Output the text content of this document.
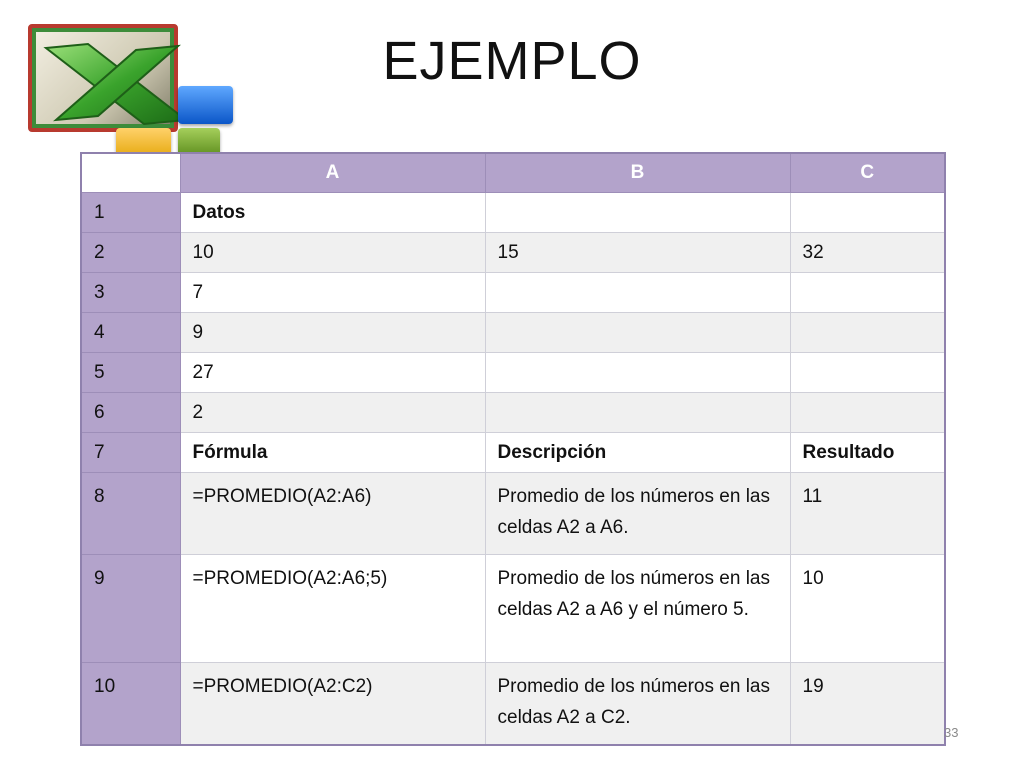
EJEMPLO
	A	B	C
1	Datos		
2	10	15	32
3	7		
4	9		
5	27		
6	2		
7	Fórmula	Descripción	Resultado
8	=PROMEDIO(A2:A6)	Promedio de los números en las celdas A2 a A6.	11
9	=PROMEDIO(A2:A6;5)	Promedio de los números en las celdas A2 a A6 y el número 5.	10
10	=PROMEDIO(A2:C2)	Promedio de los números en las celdas A2 a C2.	19
33
